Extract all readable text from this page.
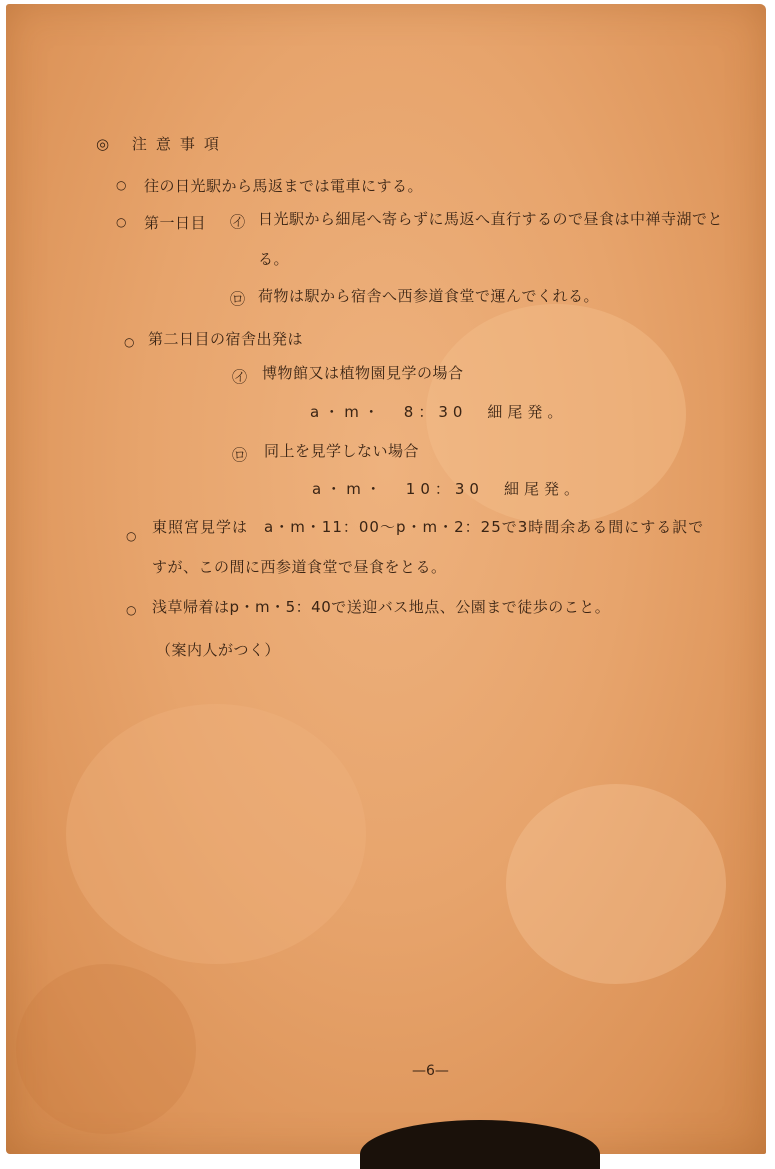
◎ 注意事項
○ 往の日光駅から馬返までは電車にする。
○ 第一日目 ㋑ 日光駅から細尾へ寄らずに馬返へ直行するので昼食は中禅寺湖でと
る。
㋺ 荷物は駅から宿舎へ西参道食堂で運んでくれる。
○ 第二日目の宿舎出発は
㋑ 博物館又は植物園見学の場合
a・m・　8：30　細尾発。
㋺ 同上を見学しない場合
a・m・　10：30　細尾発。
○ 東照宮見学は　a・m・11：00〜p・m・2：25で3時間余ある間にする訳で
すが、この間に西参道食堂で昼食をとる。
○ 浅草帰着はp・m・5：40で送迎バス地点、公園まで徒歩のこと。
（案内人がつく）
—6—
